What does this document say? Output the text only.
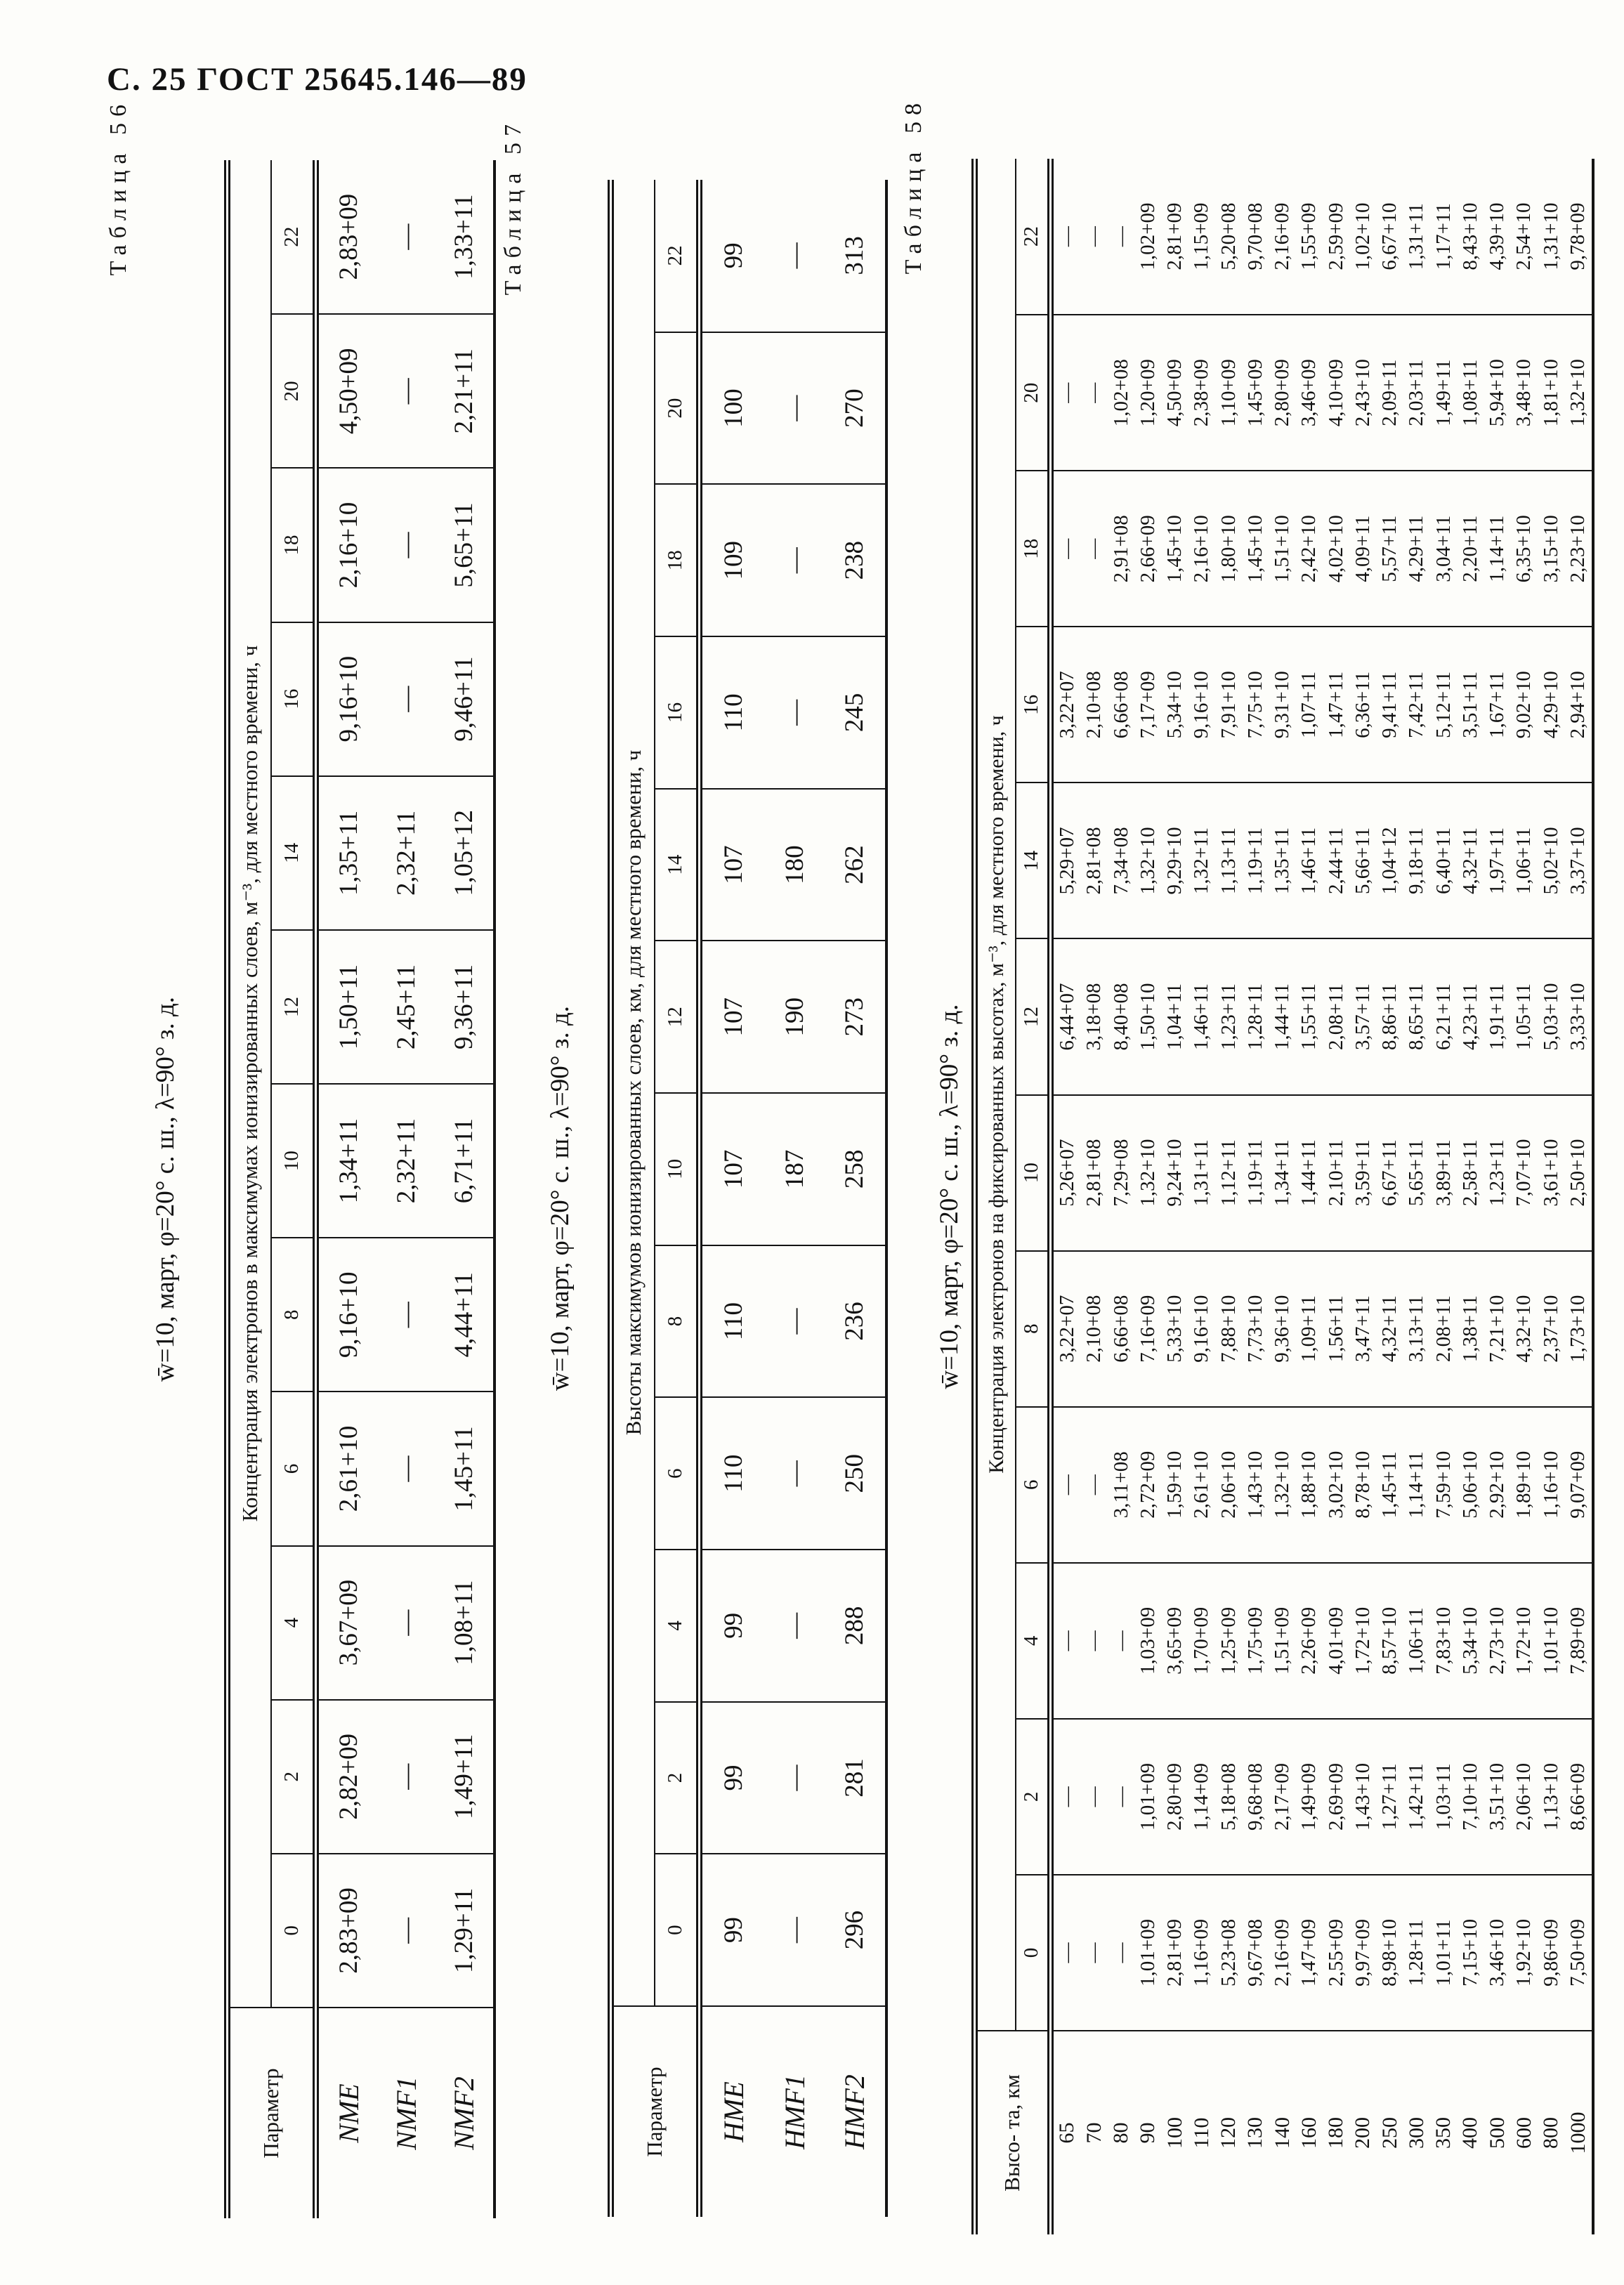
С. 25 ГОСТ 25645.146—89
Таблица 56
w̄=10, март, φ=20° с. ш., λ=90° з. д.
Параметр	Концентрация электронов в максимумах ионизированных слоев, м⁻³, для местного времени, ч											
	0	2	4	6	8	10	12	14	16	18	20	22
NME	2,83+09	2,82+09	3,67+09	2,61+10	9,16+10	1,34+11	1,50+11	1,35+11	9,16+10	2,16+10	4,50+09	2,83+09
NMF1	—	—	—	—	—	2,32+11	2,45+11	2,32+11	—	—	—	—
NMF2	1,29+11	1,49+11	1,08+11	1,45+11	4,44+11	6,71+11	9,36+11	1,05+12	9,46+11	5,65+11	2,21+11	1,33+11 Таблица 57
w̄=10, март, φ=20° с. ш., λ=90° з. д.
Параметр	Высоты максимумов ионизированных слоев, км, для местного времени, ч											
	0	2	4	6	8	10	12	14	16	18	20	22
HME	99	99	99	110	110	107	107	107	110	109	100	99
HMF1	—	—	—	—	—	187	190	180	—	—	—	—
HMF2	296	281	288	250	236	258	273	262	245	238	270	313 Таблица 58
w̄=10, март, φ=20° с. ш., λ=90° з. д.
Высо- та, км	Концентрация электронов на фиксированных высотах, м⁻³, для местного времени, ч											
	0	2	4	6	8	10	12	14	16	18	20	22
65	—	—	—	—	3,22+07	5,26+07	6,44+07	5,29+07	3,22+07	—	—	—
70	—	—	—	—	2,10+08	2,81+08	3,18+08	2,81+08	2,10+08	—	—	—
80	—	—	—	3,11+08	6,66+08	7,29+08	8,40+08	7,34+08	6,66+08	2,91+08	1,02+08	—
90	1,01+09	1,01+09	1,03+09	2,72+09	7,16+09	1,32+10	1,50+10	1,32+10	7,17+09	2,66+09	1,20+09	1,02+09
100	2,81+09	2,80+09	3,65+09	1,59+10	5,33+10	9,24+10	1,04+11	9,29+10	5,34+10	1,45+10	4,50+09	2,81+09
110	1,16+09	1,14+09	1,70+09	2,61+10	9,16+10	1,31+11	1,46+11	1,32+11	9,16+10	2,16+10	2,38+09	1,15+09
120	5,23+08	5,18+08	1,25+09	2,06+10	7,88+10	1,12+11	1,23+11	1,13+11	7,91+10	1,80+10	1,10+09	5,20+08
130	9,67+08	9,68+08	1,75+09	1,43+10	7,73+10	1,19+11	1,28+11	1,19+11	7,75+10	1,45+10	1,45+09	9,70+08
140	2,16+09	2,17+09	1,51+09	1,32+10	9,36+10	1,34+11	1,44+11	1,35+11	9,31+10	1,51+10	2,80+09	2,16+09
160	1,47+09	1,49+09	2,26+09	1,88+10	1,09+11	1,44+11	1,55+11	1,46+11	1,07+11	2,42+10	3,46+09	1,55+09
180	2,55+09	2,69+09	4,01+09	3,02+10	1,56+11	2,10+11	2,08+11	2,44+11	1,47+11	4,02+10	4,10+09	2,59+09
200	9,97+09	1,43+10	1,72+10	8,78+10	3,47+11	3,59+11	3,57+11	5,66+11	6,36+11	4,09+11	2,43+10	1,02+10
250	8,98+10	1,27+11	8,57+10	1,45+11	4,32+11	6,67+11	8,86+11	1,04+12	9,41+11	5,57+11	2,09+11	6,67+10
300	1,28+11	1,42+11	1,06+11	1,14+11	3,13+11	5,65+11	8,65+11	9,18+11	7,42+11	4,29+11	2,03+11	1,31+11
350	1,01+11	1,03+11	7,83+10	7,59+10	2,08+11	3,89+11	6,21+11	6,40+11	5,12+11	3,04+11	1,49+11	1,17+11
400	7,15+10	7,10+10	5,34+10	5,06+10	1,38+11	2,58+11	4,23+11	4,32+11	3,51+11	2,20+11	1,08+11	8,43+10
500	3,46+10	3,51+10	2,73+10	2,92+10	7,21+10	1,23+11	1,91+11	1,97+11	1,67+11	1,14+11	5,94+10	4,39+10
600	1,92+10	2,06+10	1,72+10	1,89+10	4,32+10	7,07+10	1,05+11	1,06+11	9,02+10	6,35+10	3,48+10	2,54+10
800	9,86+09	1,13+10	1,01+10	1,16+10	2,37+10	3,61+10	5,03+10	5,02+10	4,29+10	3,15+10	1,81+10	1,31+10
1000	7,50+09	8,66+09	7,89+09	9,07+09	1,73+10	2,50+10	3,33+10	3,37+10	2,94+10	2,23+10	1,32+10	9,78+09
